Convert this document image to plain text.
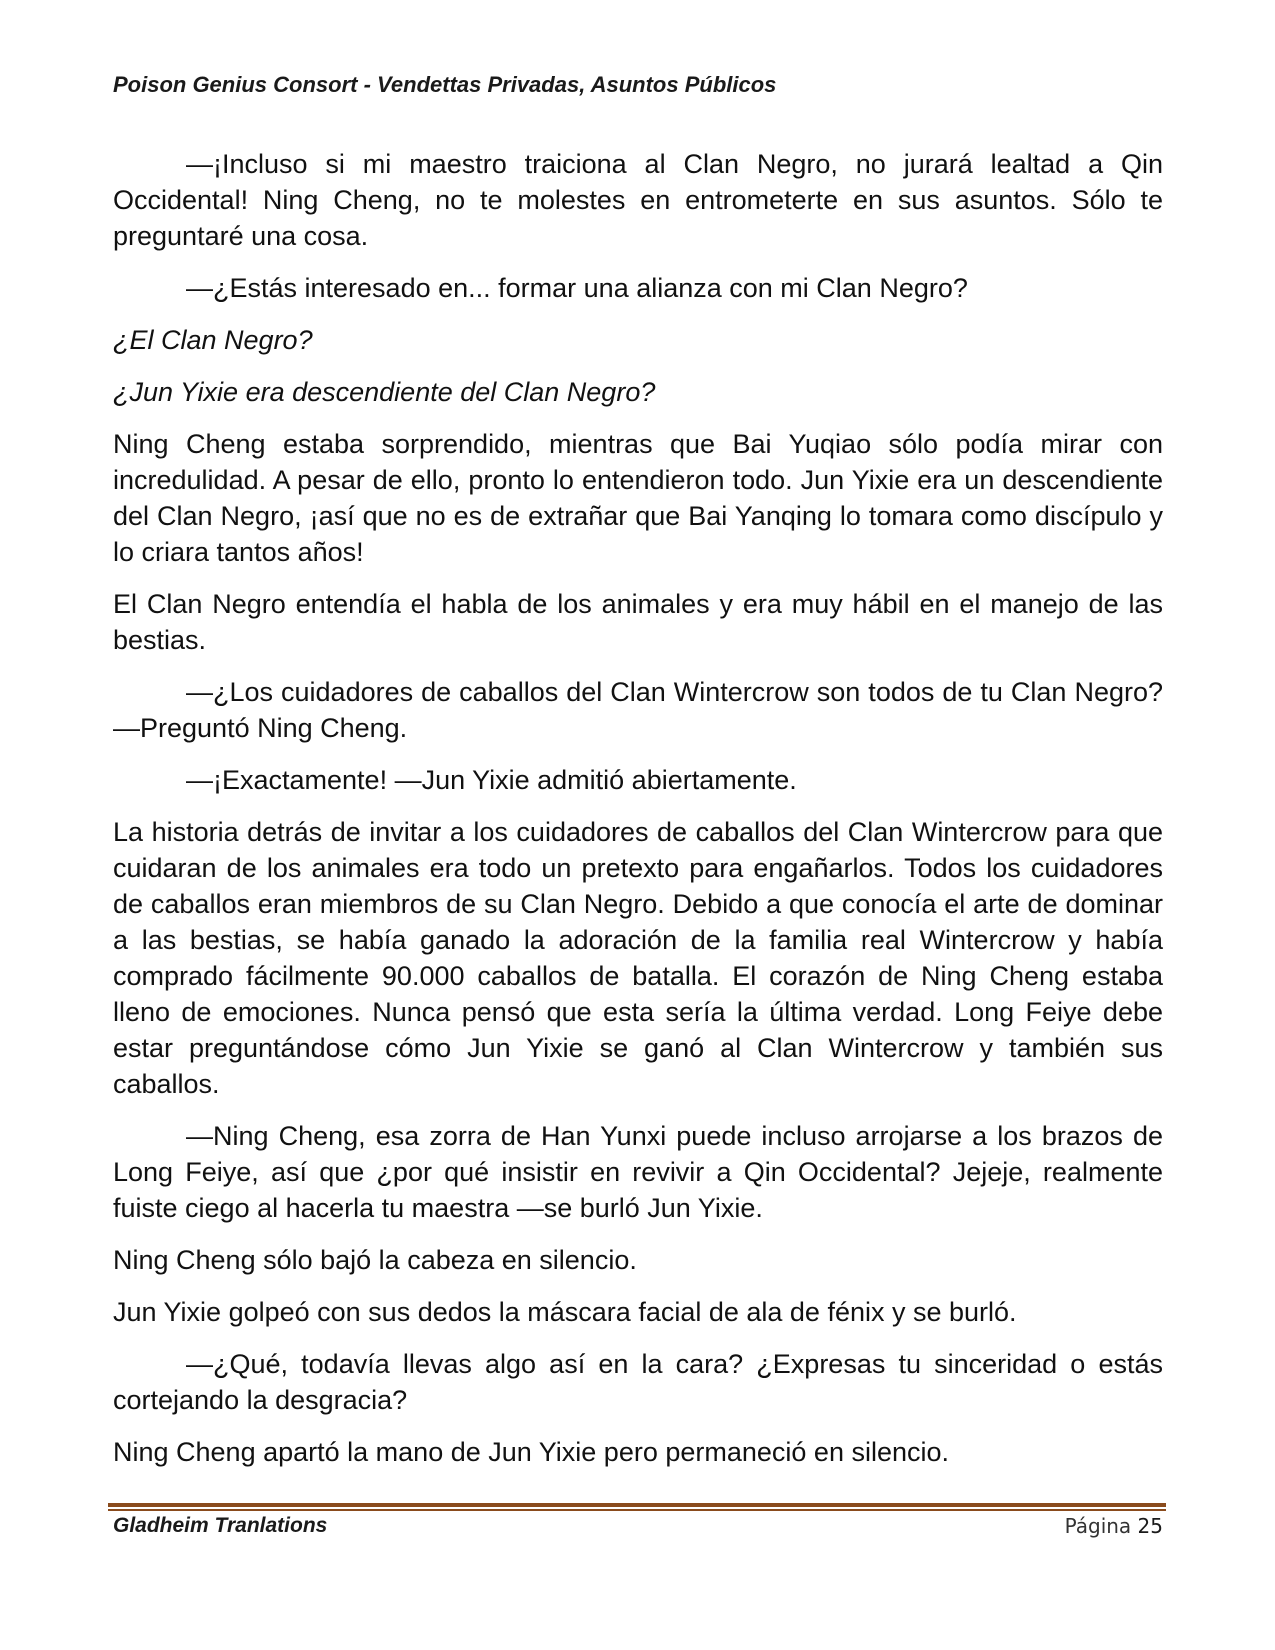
Poison Genius Consort - Vendettas Privadas, Asuntos Públicos

—¡Incluso si mi maestro traiciona al Clan Negro, no jurará lealtad a Qin Occidental! Ning Cheng, no te molestes en entrometerte en sus asuntos. Sólo te preguntaré una cosa.

—¿Estás interesado en... formar una alianza con mi Clan Negro?

¿El Clan Negro?

¿Jun Yixie era descendiente del Clan Negro?

Ning Cheng estaba sorprendido, mientras que Bai Yuqiao sólo podía mirar con incredulidad. A pesar de ello, pronto lo entendieron todo. Jun Yixie era un descendiente del Clan Negro, ¡así que no es de extrañar que Bai Yanqing lo tomara como discípulo y lo criara tantos años!

El Clan Negro entendía el habla de los animales y era muy hábil en el manejo de las bestias.

—¿Los cuidadores de caballos del Clan Wintercrow son todos de tu Clan Negro? —Preguntó Ning Cheng.

—¡Exactamente! —Jun Yixie admitió abiertamente.

La historia detrás de invitar a los cuidadores de caballos del Clan Wintercrow para que cuidaran de los animales era todo un pretexto para engañarlos. Todos los cuidadores de caballos eran miembros de su Clan Negro. Debido a que conocía el arte de dominar a las bestias, se había ganado la adoración de la familia real Wintercrow y había comprado fácilmente 90.000 caballos de batalla. El corazón de Ning Cheng estaba lleno de emociones. Nunca pensó que esta sería la última verdad. Long Feiye debe estar preguntándose cómo Jun Yixie se ganó al Clan Wintercrow y también sus caballos.

—Ning Cheng, esa zorra de Han Yunxi puede incluso arrojarse a los brazos de Long Feiye, así que ¿por qué insistir en revivir a Qin Occidental? Jejeje, realmente fuiste ciego al hacerla tu maestra —se burló Jun Yixie.

Ning Cheng sólo bajó la cabeza en silencio.

Jun Yixie golpeó con sus dedos la máscara facial de ala de fénix y se burló.

—¿Qué, todavía llevas algo así en la cara? ¿Expresas tu sinceridad o estás cortejando la desgracia?

Ning Cheng apartó la mano de Jun Yixie pero permaneció en silencio.

Gladheim Tranlations	Página 25
